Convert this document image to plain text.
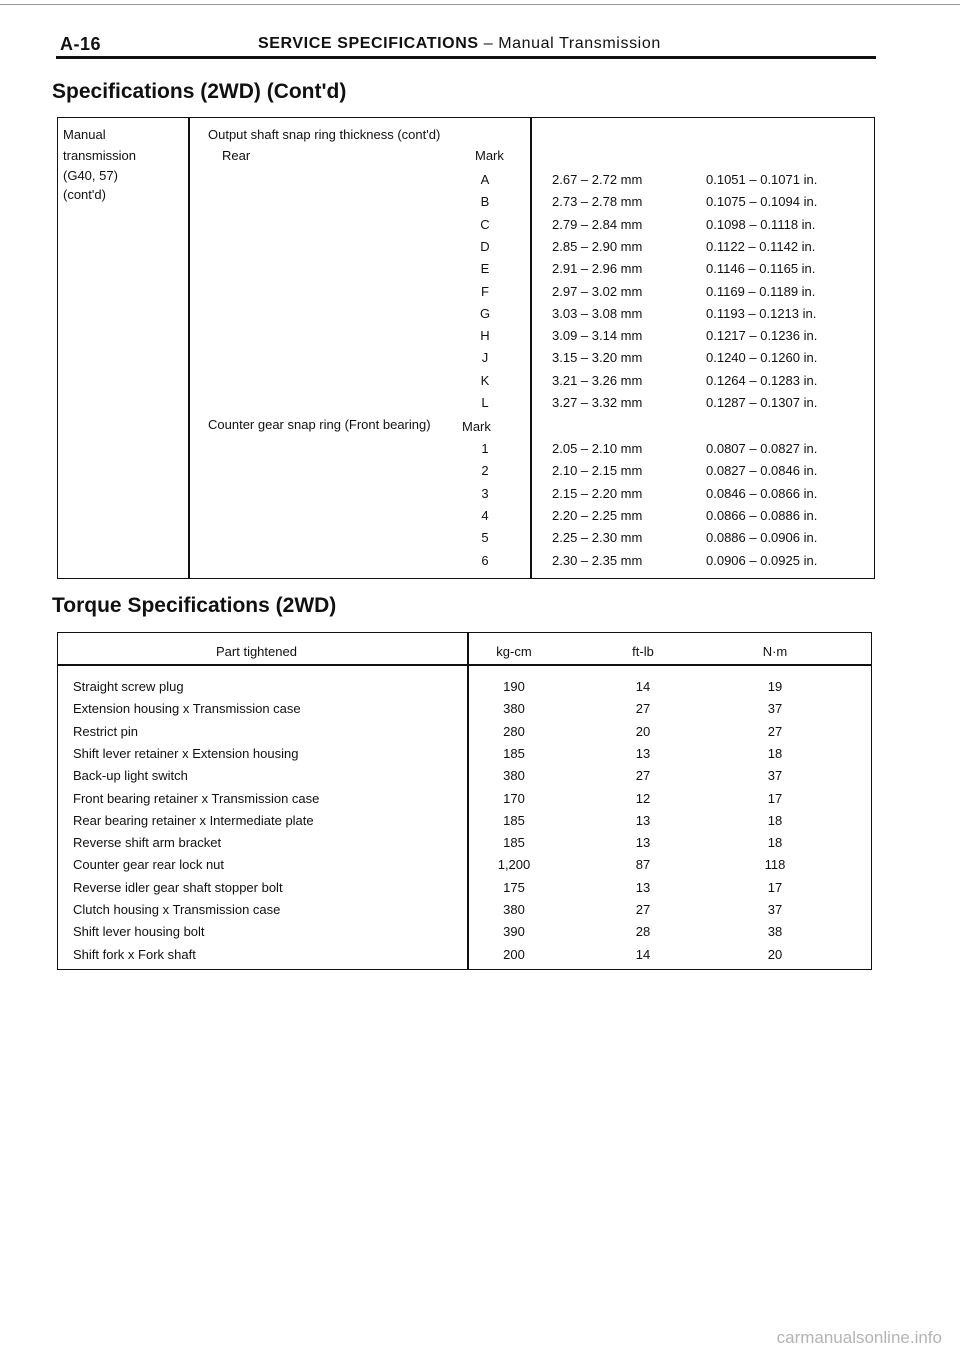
A-16	SERVICE SPECIFICATIONS – Manual Transmission
Specifications (2WD) (Cont'd)
Manual
transmission
(G40, 57)
(cont'd)
Output shaft snap ring thickness (cont'd)
Rear	Mark
A	2.67 – 2.72 mm	0.1051 – 0.1071 in.
B	2.73 – 2.78 mm	0.1075 – 0.1094 in.
C	2.79 – 2.84 mm	0.1098 – 0.1118 in.
D	2.85 – 2.90 mm	0.1122 – 0.1142 in.
E	2.91 – 2.96 mm	0.1146 – 0.1165 in.
F	2.97 – 3.02 mm	0.1169 – 0.1189 in.
G	3.03 – 3.08 mm	0.1193 – 0.1213 in.
H	3.09 – 3.14 mm	0.1217 – 0.1236 in.
J	3.15 – 3.20 mm	0.1240 – 0.1260 in.
K	3.21 – 3.26 mm	0.1264 – 0.1283 in.
L	3.27 – 3.32 mm	0.1287 – 0.1307 in.
Counter gear snap ring (Front bearing) Mark
1	2.05 – 2.10 mm	0.0807 – 0.0827 in.
2	2.10 – 2.15 mm	0.0827 – 0.0846 in.
3	2.15 – 2.20 mm	0.0846 – 0.0866 in.
4	2.20 – 2.25 mm	0.0866 – 0.0886 in.
5	2.25 – 2.30 mm	0.0886 – 0.0906 in.
6	2.30 – 2.35 mm	0.0906 – 0.0925 in.
Torque Specifications (2WD)
Part tightened	kg-cm	ft-lb	N·m
Straight screw plug	190	14	19
Extension housing x Transmission case	380	27	37
Restrict pin	280	20	27
Shift lever retainer x Extension housing	185	13	18
Back-up light switch	380	27	37
Front bearing retainer x Transmission case	170	12	17
Rear bearing retainer x Intermediate plate	185	13	18
Reverse shift arm bracket	185	13	18
Counter gear rear lock nut	1,200	87	118
Reverse idler gear shaft stopper bolt	175	13	17
Clutch housing x Transmission case	380	27	37
Shift lever housing bolt	390	28	38
Shift fork x Fork shaft	200	14	20
carmanualsonline.info
